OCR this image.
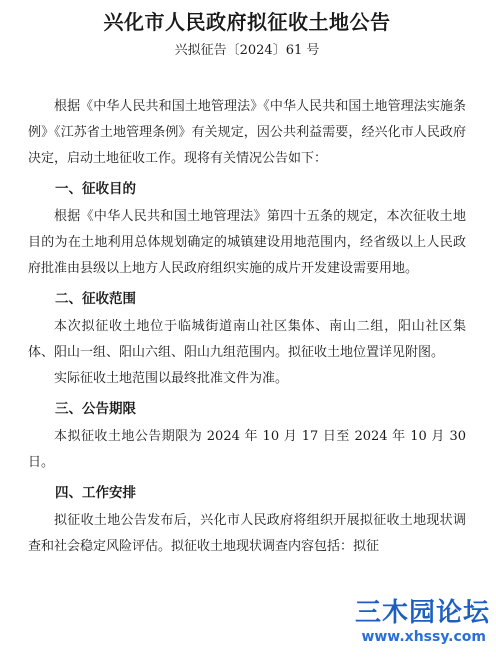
兴化市人民政府拟征收土地公告
兴拟征告〔2024〕61 号

根据《中华人民共和国土地管理法》《中华人民共和国土地管理法实施条例》《江苏省土地管理条例》有关规定，因公共利益需要，经兴化市人民政府决定，启动土地征收工作。现将有关情况公告如下：

一、征收目的

根据《中华人民共和国土地管理法》第四十五条的规定，本次征收土地目的为在土地利用总体规划确定的城镇建设用地范围内，经省级以上人民政府批准由县级以上地方人民政府组织实施的成片开发建设需要用地。

二、征收范围

本次拟征收土地位于临城街道南山社区集体、南山二组，阳山社区集体、阳山一组、阳山六组、阳山九组范围内。拟征收土地位置详见附图。

实际征收土地范围以最终批准文件为准。

三、公告期限

本拟征收土地公告期限为 2024 年 10 月 17 日至 2024 年 10 月 30 日。

四、工作安排

拟征收土地公告发布后，兴化市人民政府将组织开展拟征收土地现状调查和社会稳定风险评估。拟征收土地现状调查内容包括：拟征

三木园论坛
www.xhssy.com
